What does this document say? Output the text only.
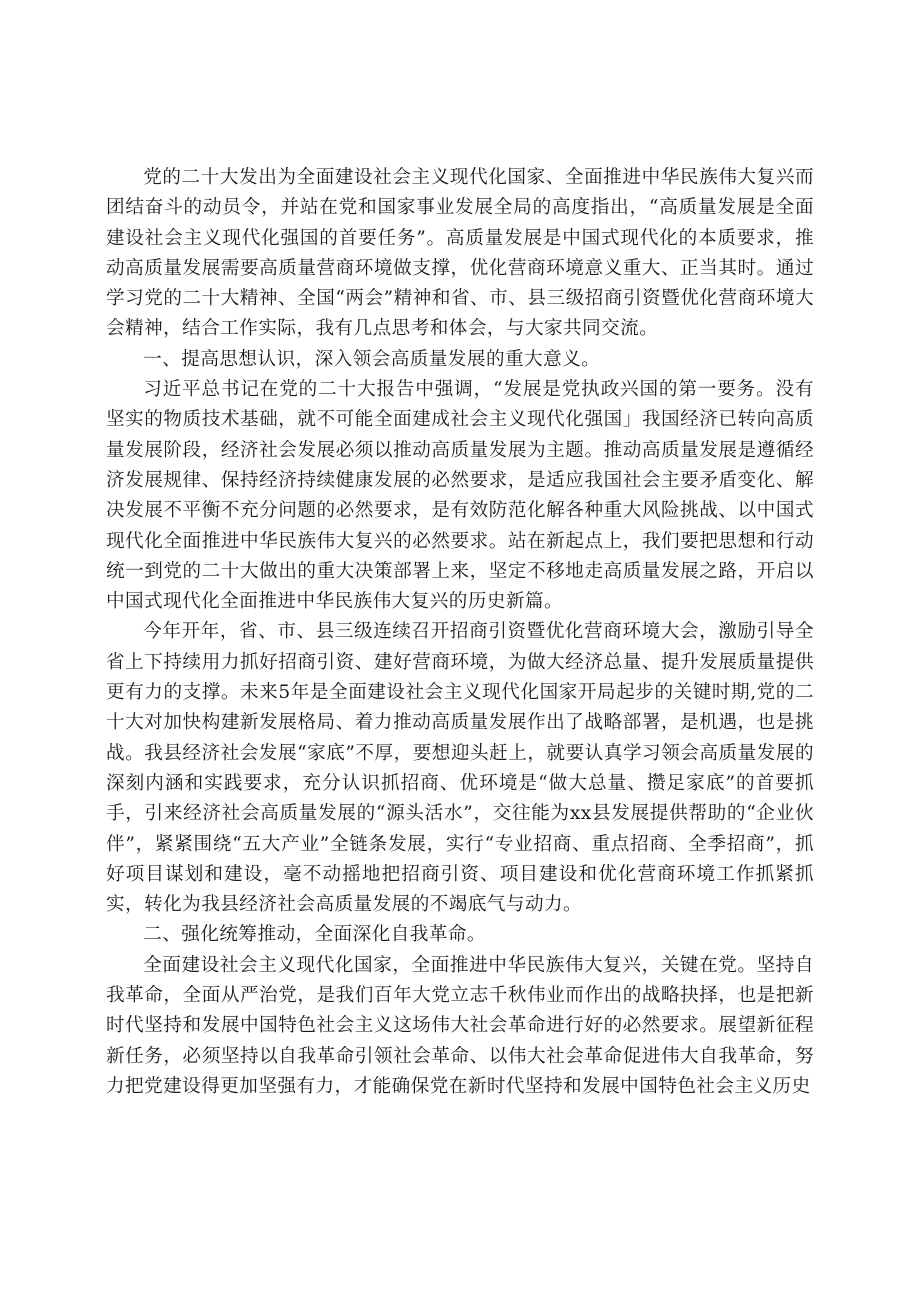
党的二十大发出为全面建设社会主义现代化国家、全面推进中华民族伟大复兴而团结奋斗的动员令，并站在党和国家事业发展全局的高度指出，“高质量发展是全面建设社会主义现代化强国的首要任务”。高质量发展是中国式现代化的本质要求，推动高质量发展需要高质量营商环境做支撑，优化营商环境意义重大、正当其时。通过学习党的二十大精神、全国“两会”精神和省、市、县三级招商引资暨优化营商环境大会精神，结合工作实际，我有几点思考和体会，与大家共同交流。

一、提高思想认识，深入领会高质量发展的重大意义。

习近平总书记在党的二十大报告中强调，“发展是党执政兴国的第一要务。没有坚实的物质技术基础，就不可能全面建成社会主义现代化强国」我国经济已转向高质量发展阶段，经济社会发展必须以推动高质量发展为主题。推动高质量发展是遵循经济发展规律、保持经济持续健康发展的必然要求，是适应我国社会主要矛盾变化、解决发展不平衡不充分问题的必然要求，是有效防范化解各种重大风险挑战、以中国式现代化全面推进中华民族伟大复兴的必然要求。站在新起点上，我们要把思想和行动统一到党的二十大做出的重大决策部署上来，坚定不移地走高质量发展之路，开启以中国式现代化全面推进中华民族伟大复兴的历史新篇。

今年开年，省、市、县三级连续召开招商引资暨优化营商环境大会，激励引导全省上下持续用力抓好招商引资、建好营商环境，为做大经济总量、提升发展质量提供更有力的支撑。未来5年是全面建设社会主义现代化国家开局起步的关键时期,党的二十大对加快构建新发展格局、着力推动高质量发展作出了战略部署，是机遇，也是挑战。我县经济社会发展“家底”不厚，要想迎头赶上，就要认真学习领会高质量发展的深刻内涵和实践要求，充分认识抓招商、优环境是“做大总量、攒足家底”的首要抓手，引来经济社会高质量发展的“源头活水”，交往能为xx县发展提供帮助的“企业伙伴”，紧紧围绕“五大产业”全链条发展，实行“专业招商、重点招商、全季招商”，抓好项目谋划和建设，毫不动摇地把招商引资、项目建设和优化营商环境工作抓紧抓实，转化为我县经济社会高质量发展的不竭底气与动力。

二、强化统筹推动，全面深化自我革命。

全面建设社会主义现代化国家，全面推进中华民族伟大复兴，关键在党。坚持自我革命，全面从严治党，是我们百年大党立志千秋伟业而作出的战略抉择，也是把新时代坚持和发展中国特色社会主义这场伟大社会革命进行好的必然要求。展望新征程新任务，必须坚持以自我革命引领社会革命、以伟大社会革命促进伟大自我革命，努力把党建设得更加坚强有力，才能确保党在新时代坚持和发展中国特色社会主义历史
